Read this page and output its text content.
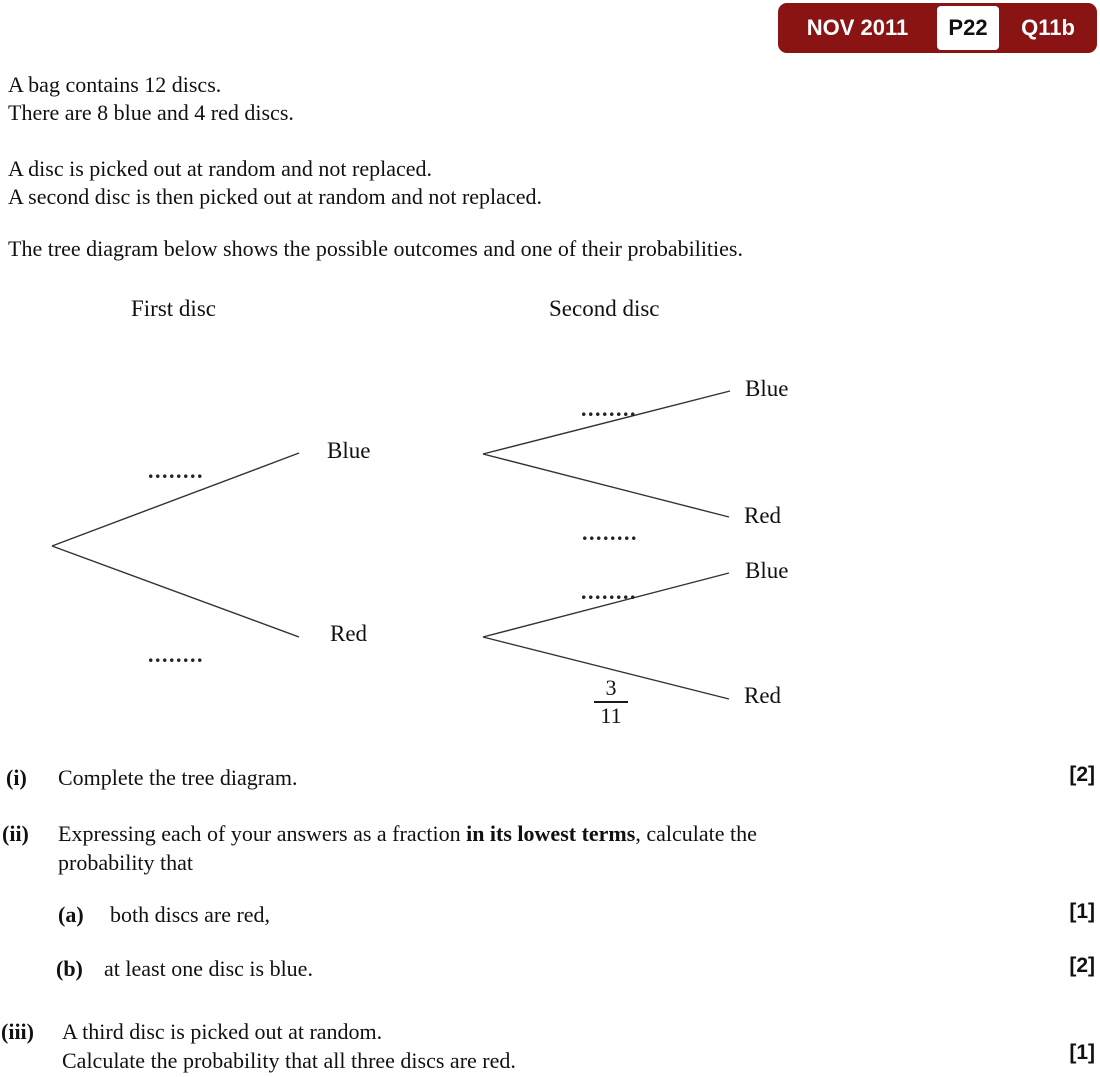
NOV 2011	P22	Q11b
A bag contains 12 discs.
There are 8 blue and 4 red discs.
A disc is picked out at random and not replaced.
A second disc is then picked out at random and not replaced.
The tree diagram below shows the possible outcomes and one of their probabilities.
First disc	Second disc
........
........
........
........
........
$\frac{3}{11}$
Blue
Red
Blue
Red
Blue
Red
(i) Complete the tree diagram.	[2]
(ii) Expressing each of your answers as a fraction in its lowest terms, calculate the
probability that
(a) both discs are red,	[1]
(b) at least one disc is blue.	[2]
(iii) A third disc is picked out at random.
Calculate the probability that all three discs are red.	[1]
